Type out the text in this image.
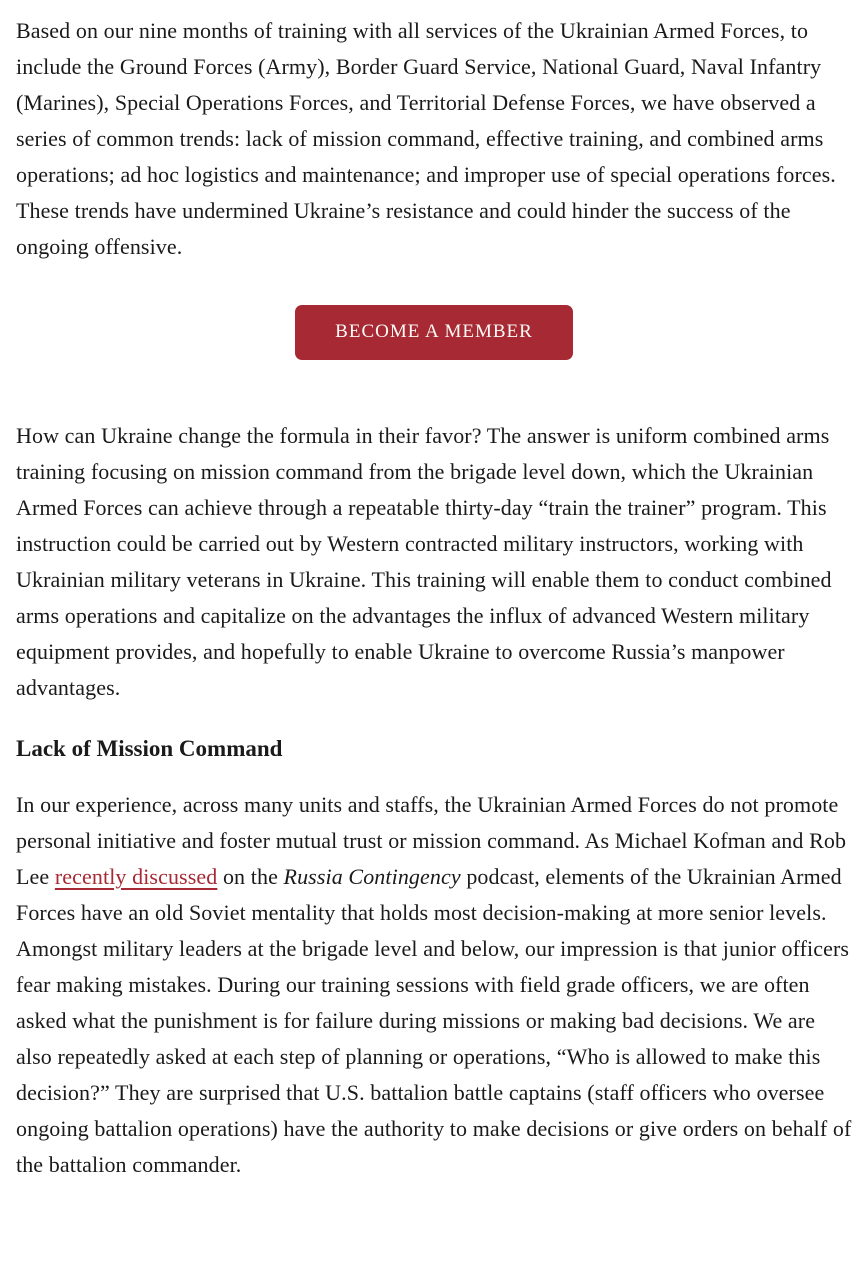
Based on our nine months of training with all services of the Ukrainian Armed Forces, to include the Ground Forces (Army), Border Guard Service, National Guard, Naval Infantry (Marines), Special Operations Forces, and Territorial Defense Forces, we have observed a series of common trends: lack of mission command, effective training, and combined arms operations; ad hoc logistics and maintenance; and improper use of special operations forces. These trends have undermined Ukraine’s resistance and could hinder the success of the ongoing offensive.

BECOME A MEMBER

How can Ukraine change the formula in their favor? The answer is uniform combined arms training focusing on mission command from the brigade level down, which the Ukrainian Armed Forces can achieve through a repeatable thirty-day “train the trainer” program. This instruction could be carried out by Western contracted military instructors, working with Ukrainian military veterans in Ukraine. This training will enable them to conduct combined arms operations and capitalize on the advantages the influx of advanced Western military equipment provides, and hopefully to enable Ukraine to overcome Russia’s manpower advantages.

Lack of Mission Command

In our experience, across many units and staffs, the Ukrainian Armed Forces do not promote personal initiative and foster mutual trust or mission command. As Michael Kofman and Rob Lee recently discussed on the Russia Contingency podcast, elements of the Ukrainian Armed Forces have an old Soviet mentality that holds most decision-making at more senior levels. Amongst military leaders at the brigade level and below, our impression is that junior officers fear making mistakes. During our training sessions with field grade officers, we are often asked what the punishment is for failure during missions or making bad decisions. We are also repeatedly asked at each step of planning or operations, “Who is allowed to make this decision?” They are surprised that U.S. battalion battle captains (staff officers who oversee ongoing battalion operations) have the authority to make decisions or give orders on behalf of the battalion commander.
